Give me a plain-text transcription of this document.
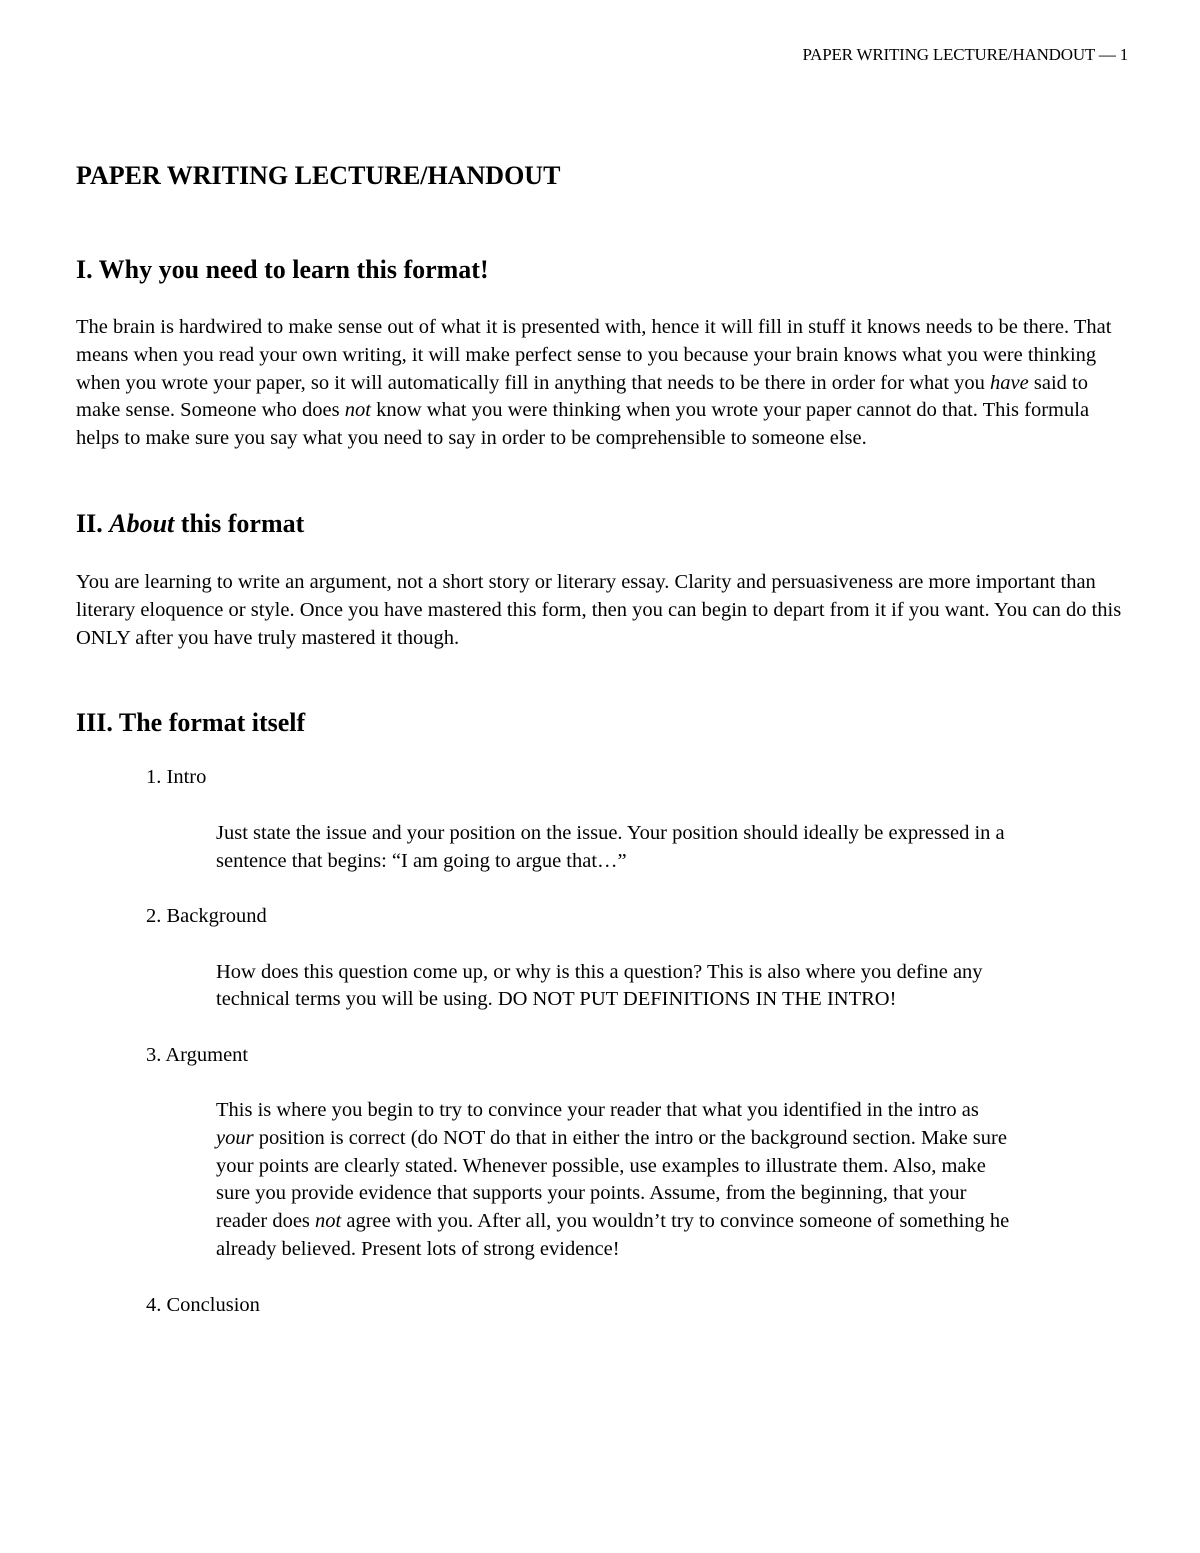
PAPER WRITING LECTURE/HANDOUT — 1
PAPER WRITING LECTURE/HANDOUT
I. Why you need to learn this format!

The brain is hardwired to make sense out of what it is presented with, hence it will fill in stuff it knows needs to be there. That means when you read your own writing, it will make perfect sense to you because your brain knows what you were thinking when you wrote your paper, so it will automatically fill in anything that needs to be there in order for what you have said to make sense. Someone who does not know what you were thinking when you wrote your paper cannot do that. This formula helps to make sure you say what you need to say in order to be comprehensible to someone else.

II. About this format

You are learning to write an argument, not a short story or literary essay. Clarity and persuasiveness are more important than literary eloquence or style. Once you have mastered this form, then you can begin to depart from it if you want. You can do this ONLY after you have truly mastered it though.

III. The format itself

1. Intro

Just state the issue and your position on the issue. Your position should ideally be expressed in a sentence that begins: “I am going to argue that…”

2. Background

How does this question come up, or why is this a question? This is also where you define any technical terms you will be using. DO NOT PUT DEFINITIONS IN THE INTRO!

3. Argument

This is where you begin to try to convince your reader that what you identified in the intro as your position is correct (do NOT do that in either the intro or the background section. Make sure your points are clearly stated. Whenever possible, use examples to illustrate them. Also, make sure you provide evidence that supports your points. Assume, from the beginning, that your reader does not agree with you. After all, you wouldn’t try to convince someone of something he already believed. Present lots of strong evidence!

4. Conclusion
